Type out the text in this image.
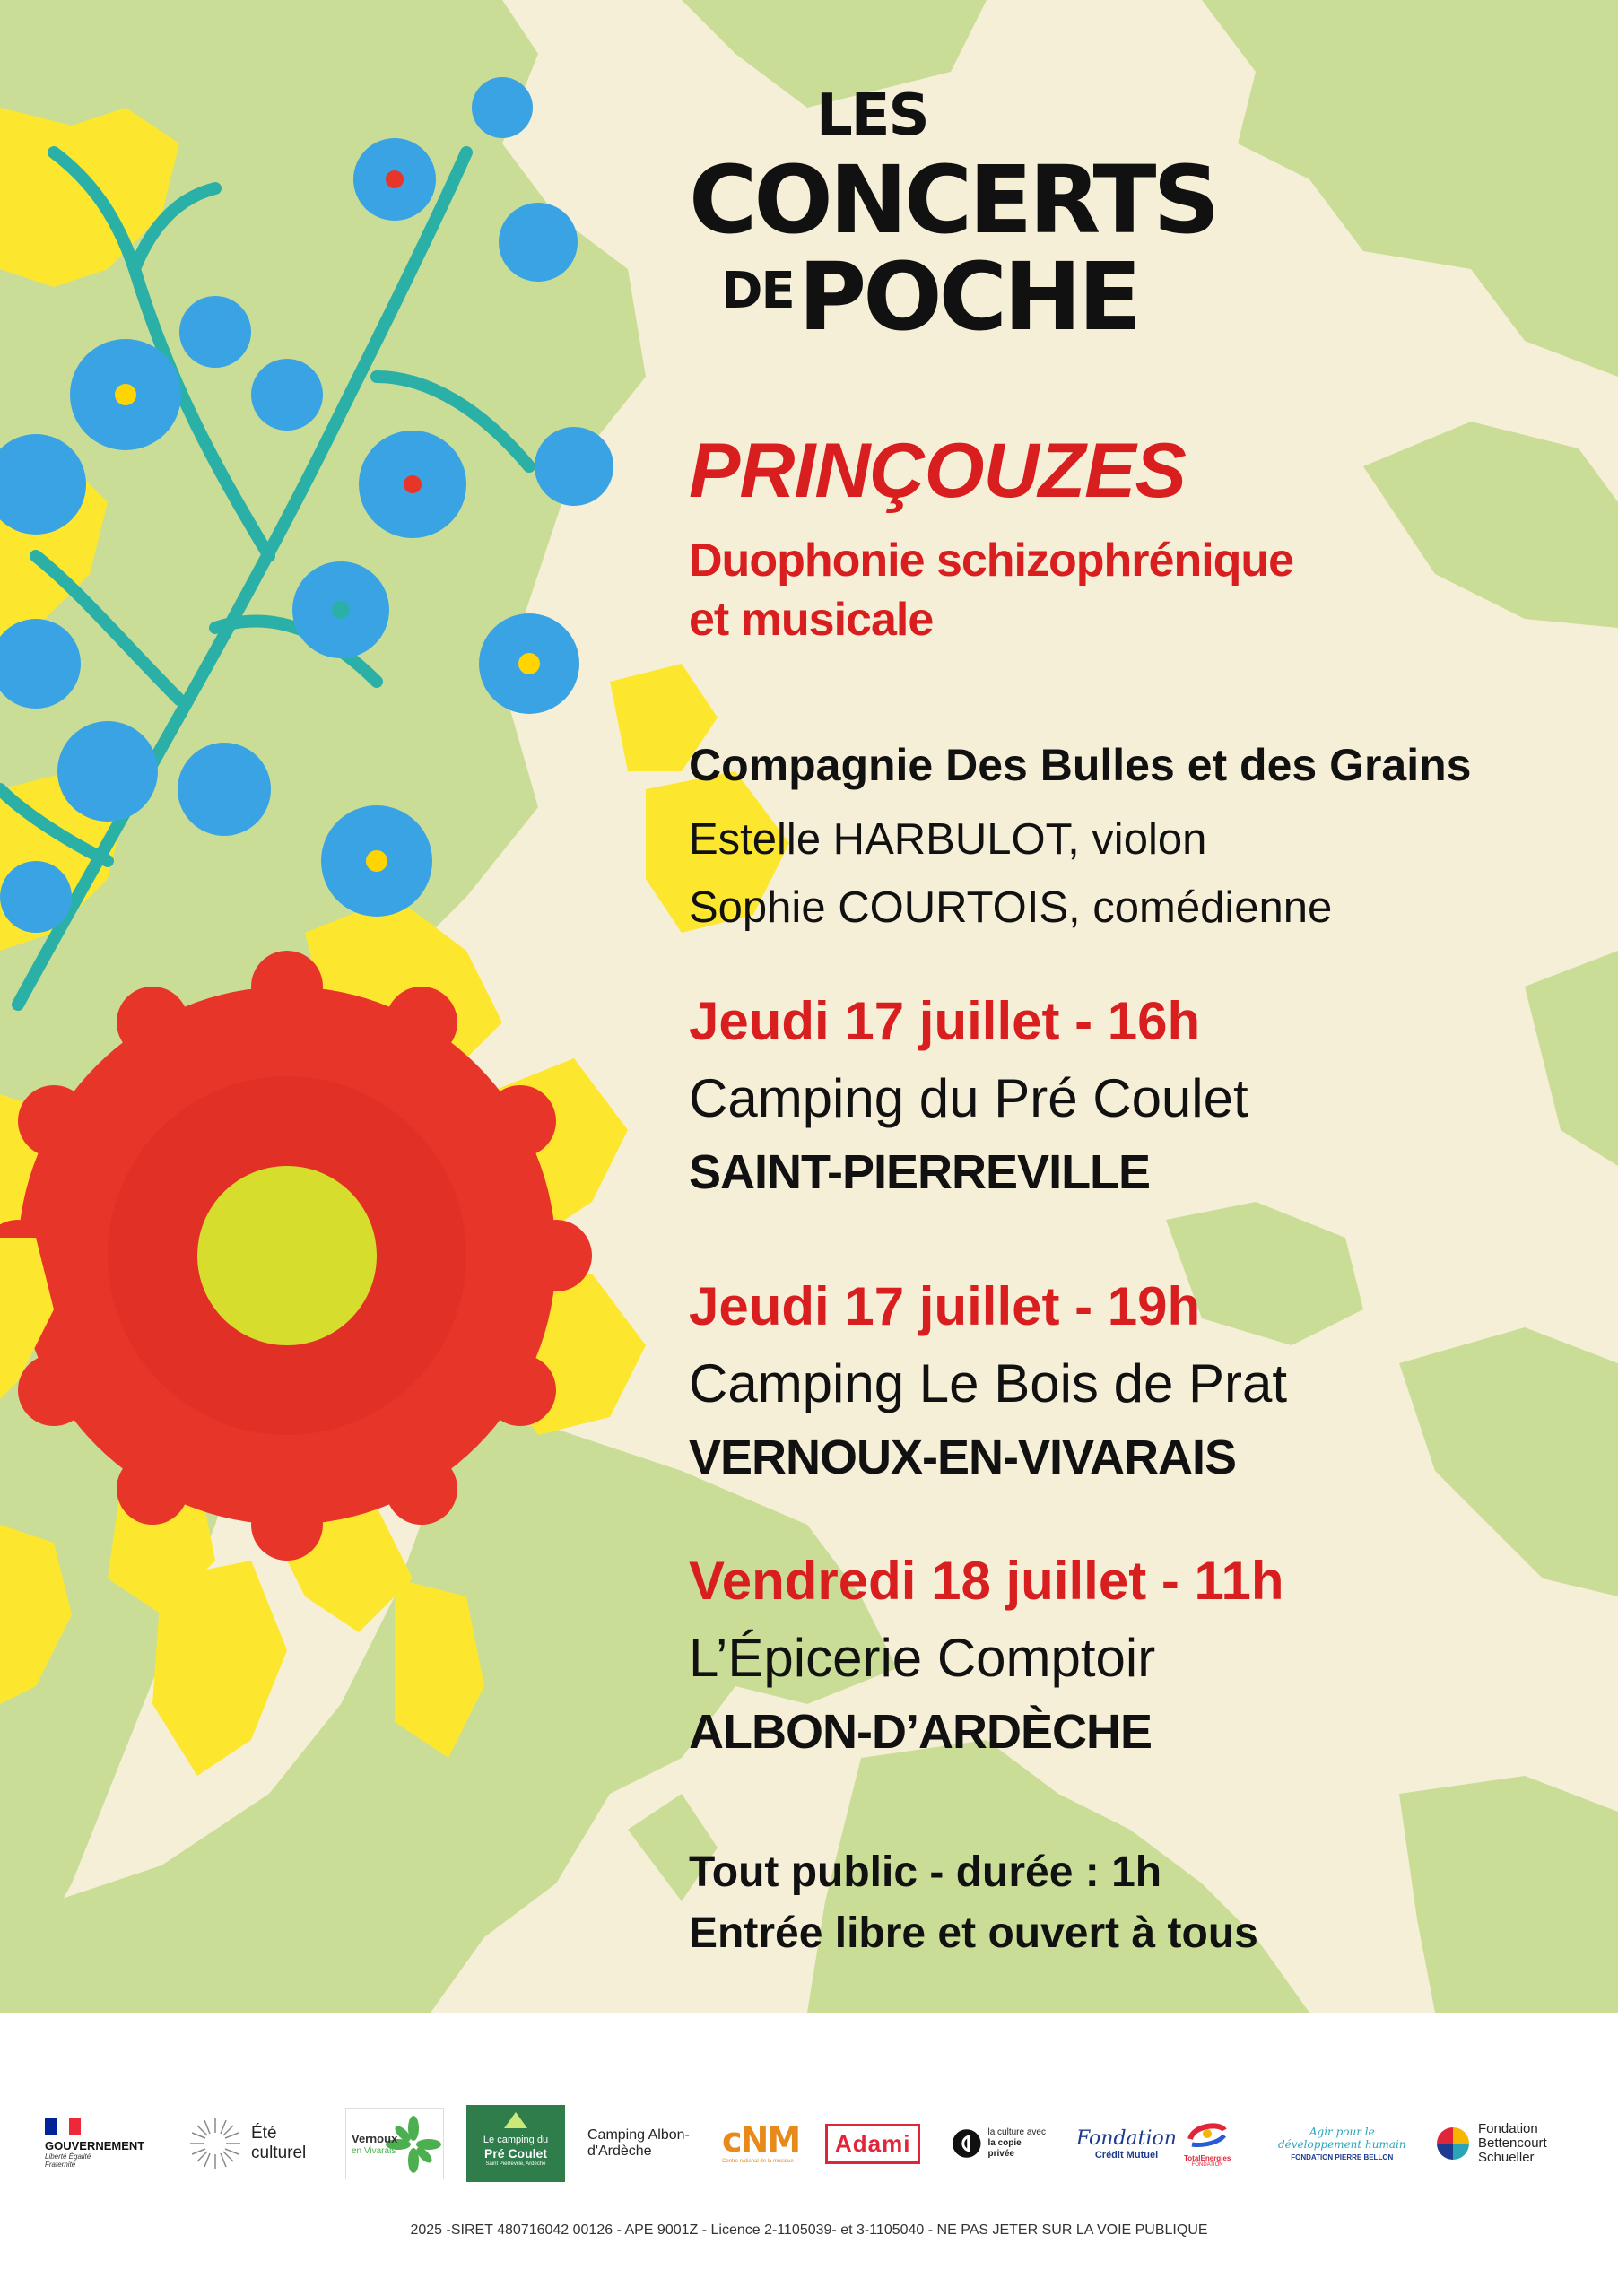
LES
CONCERTS
DE POCHE
PRINÇOUZES
Duophonie schizophrénique
et musicale
Compagnie Des Bulles et des Grains
Estelle HARBULOT, violon
Sophie COURTOIS, comédienne
Jeudi 17 juillet - 16h
Camping du Pré Coulet
SAINT-PIERREVILLE
Jeudi 17 juillet - 19h
Camping Le Bois de Prat
VERNOUX-EN-VIVARAIS
Vendredi 18 juillet - 11h
L’Épicerie Comptoir
ALBON-D’ARDÈCHE
Tout public - durée : 1h
Entrée libre et ouvert à tous
GOUVERNEMENT
Liberté Égalité Fraternité
Été
culturel
Vernoux
en Vivarais
Le camping du
Pré Coulet
Saint Pierreville, Ardèche
Camping Albon-
d'Ardèche	cNM
Centre national de la musique
Adami	la culture avec
la copie privée
Fondation
Crédit Mutuel	TotalEnergies
FONDATION
Agir pour le
développement humain
FONDATION PIERRE BELLON
Fondation
Bettencourt
Schueller
2025 -SIRET 480716042 00126 - APE 9001Z - Licence 2-1105039- et 3-1105040 - NE PAS JETER SUR LA VOIE PUBLIQUE
